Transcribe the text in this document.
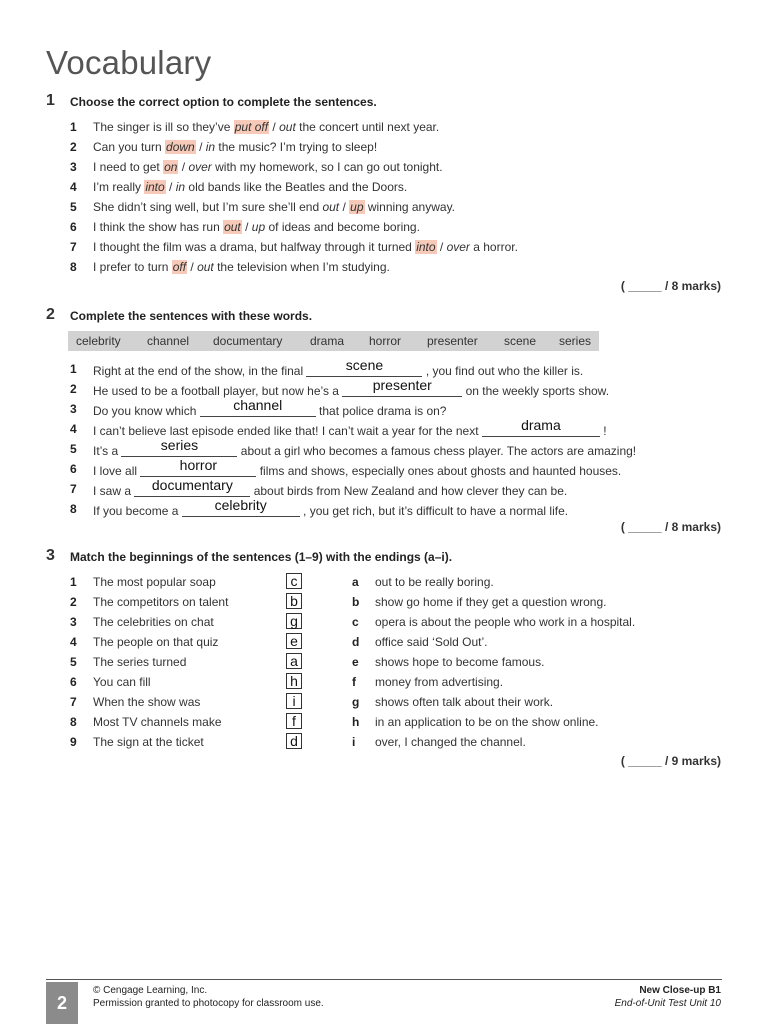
Vocabulary
1 Choose the correct option to complete the sentences.
1	The singer is ill so they’ve put off / out the concert until next year.
2	Can you turn down / in the music? I’m trying to sleep!
3	I need to get on / over with my homework, so I can go out tonight.
4	I’m really into / in old bands like the Beatles and the Doors.
5	She didn’t sing well, but I’m sure she’ll end out / up winning anyway.
6	I think the show has run out / up of ideas and become boring.
7	I thought the film was a drama, but halfway through it turned into / over a horror.
8	I prefer to turn off / out the television when I’m studying.
( _____ / 8 marks)
2 Complete the sentences with these words.
celebrity channel documentary drama horror presenter scene series
1	Right at the end of the show, in the final	scene	, you find out who the killer is.
2	He used to be a football player, but now he’s a presenter	on the weekly sports show.
3	Do you know which channel	that police drama is on?
4	I can’t believe last episode ended like that! I can’t wait a year for the next	drama	!
5	It’s a	series	about a girl who becomes a famous chess player. The actors are amazing!
6	I love all	horror	films and shows, especially ones about ghosts and haunted houses.
7	I saw a documentary about birds from New Zealand and how clever they can be.
8	If you become a celebrity	, you get rich, but it’s difficult to have a normal life.
( _____ / 8 marks)
3 Match the beginnings of the sentences (1–9) with the endings (a–i).
1	The most popular soap	c
2	The competitors on talent	b
3	The celebrities on chat	g
4	The people on that quiz	e
5	The series turned	a
6	You can fill	h
7	When the show was	i
8	Most TV channels make	f
9	The sign at the ticket	d
a out to be really boring.
b show go home if they get a question wrong.
c opera is about the people who work in a hospital.
d office said ‘Sold Out’.
e shows hope to become famous.
f money from advertising.
g shows often talk about their work.
h in an application to be on the show online.
i over, I changed the channel.
( _____ / 9 marks)
2
© Cengage Learning, Inc.
Permission granted to photocopy for classroom use.
New Close-up B1
End-of-Unit Test Unit 10
